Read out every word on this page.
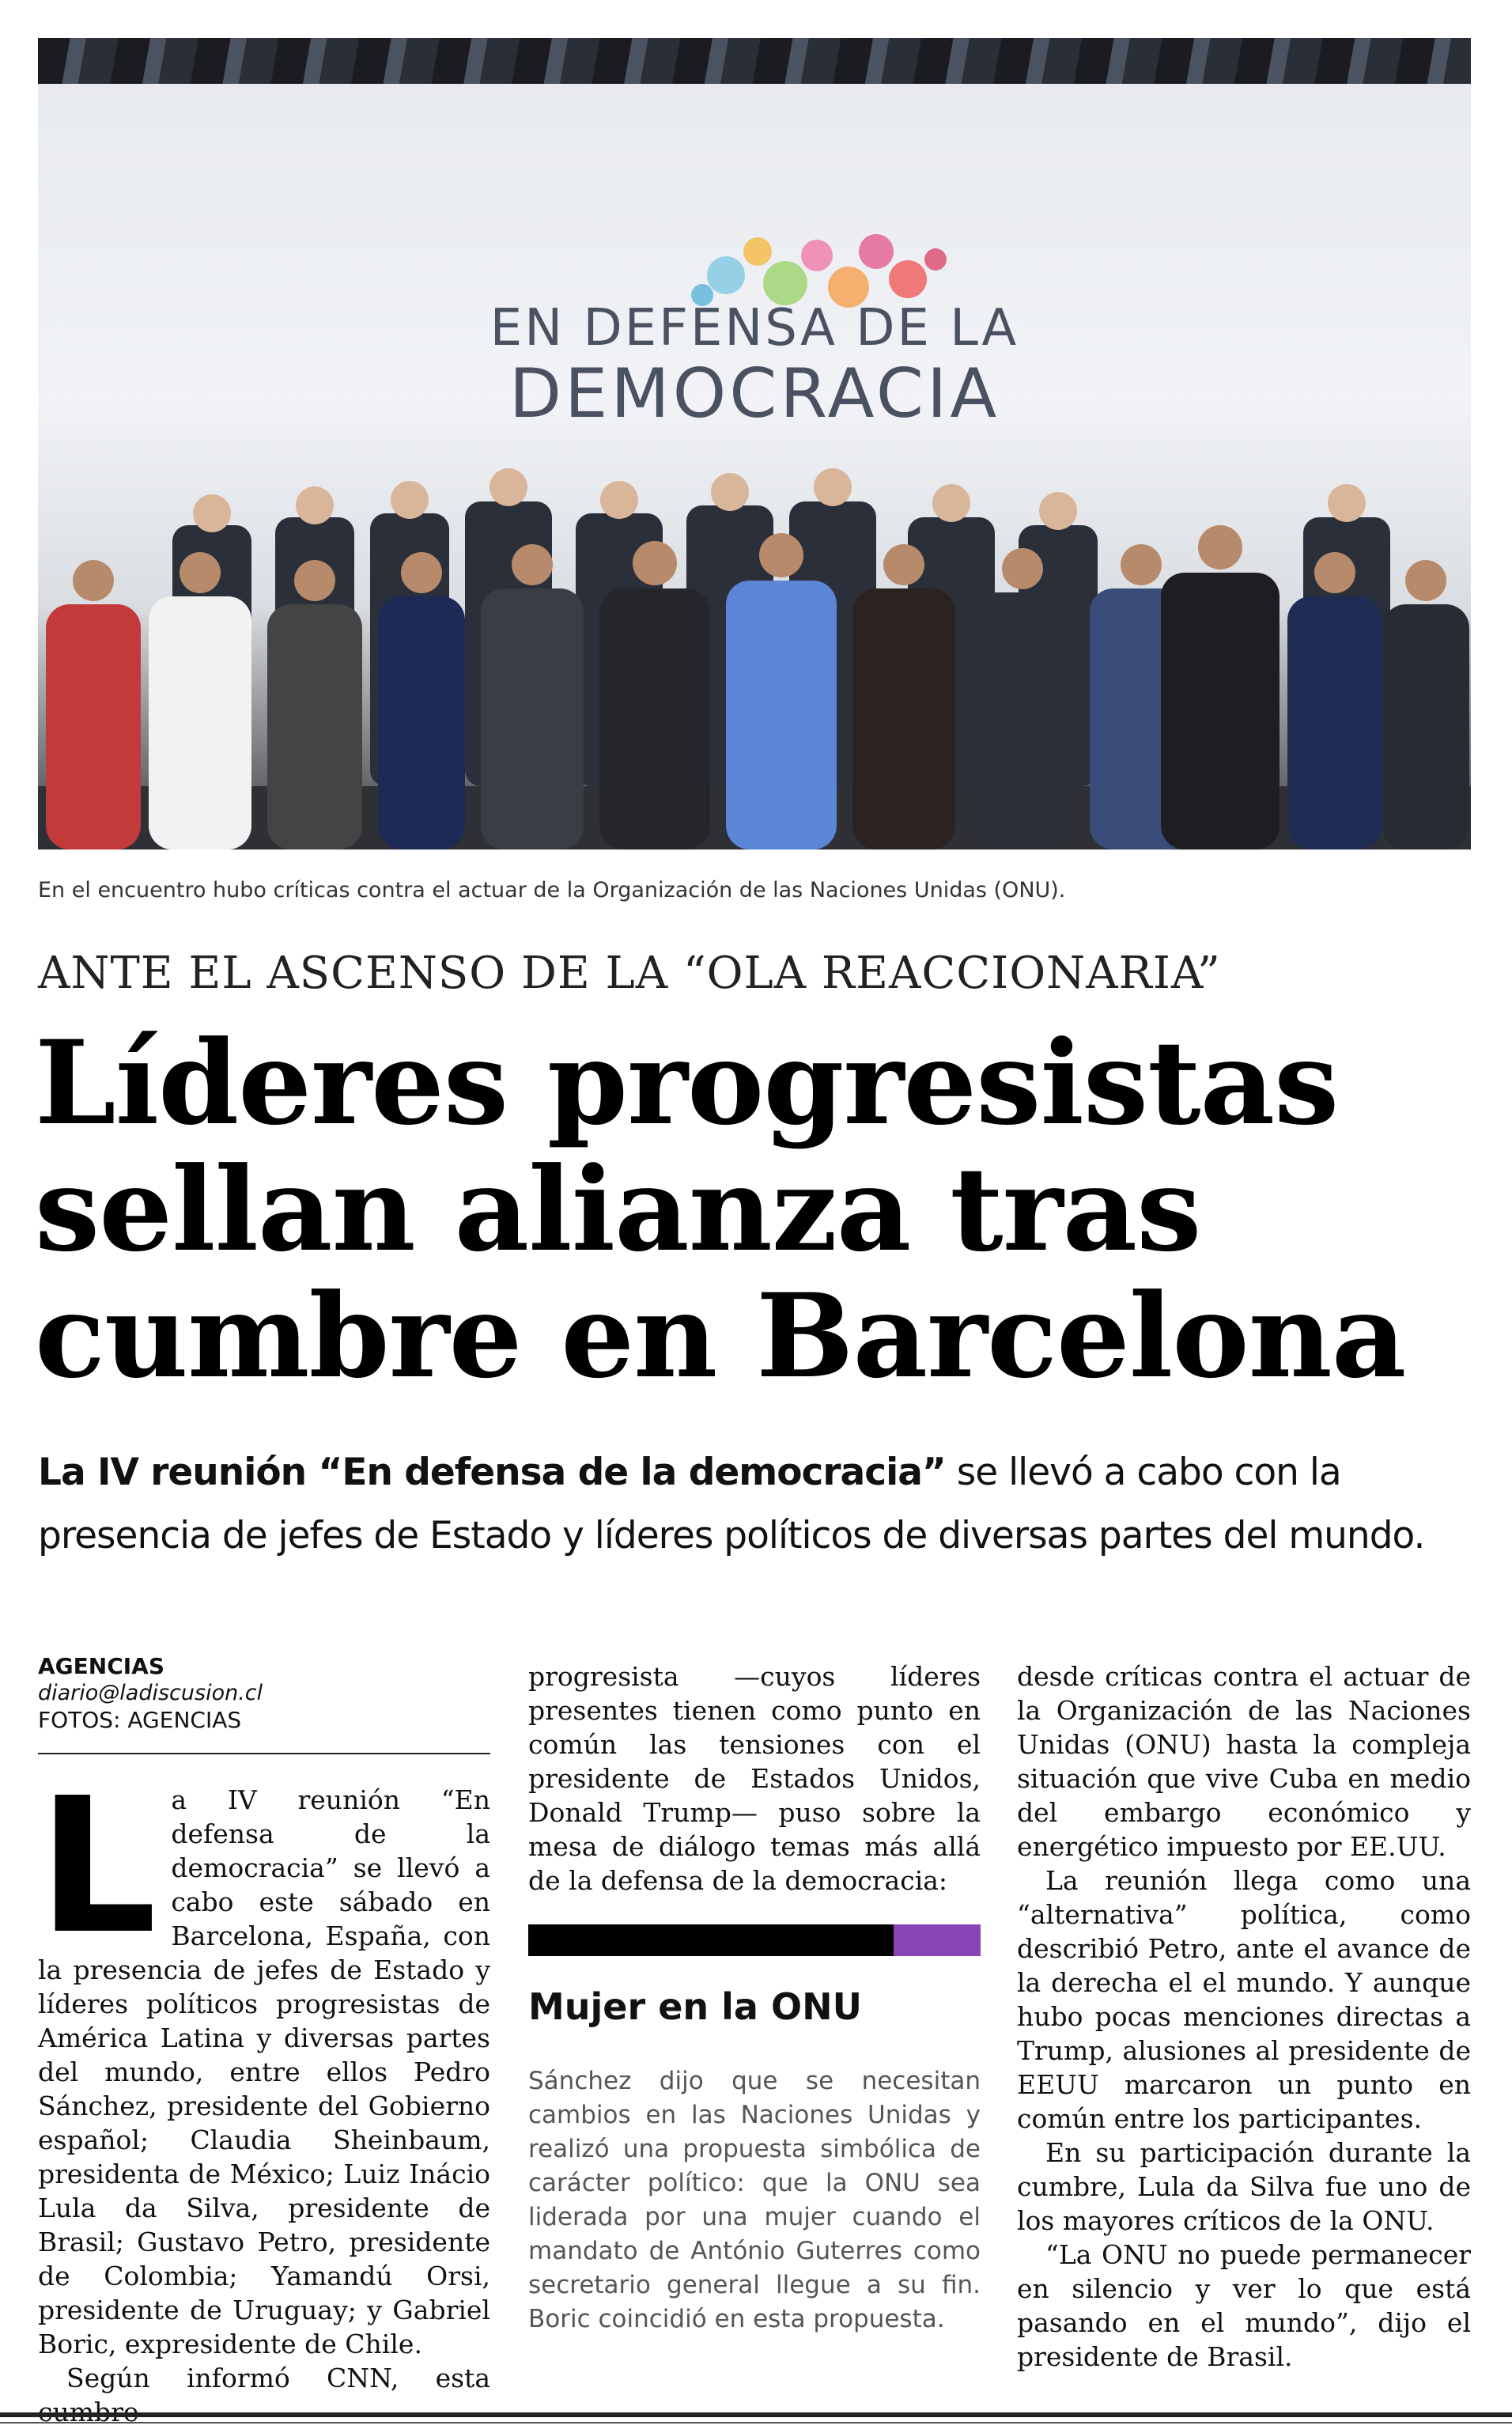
EN DEFENSA DE LA
DEMOCRACIA
En el encuentro hubo críticas contra el actuar de la Organización de las Naciones Unidas (ONU).
ANTE EL ASCENSO DE LA “OLA REACCIONARIA”
Líderes progresistas
sellan alianza tras
cumbre en Barcelona
La IV reunión “En defensa de la democracia” se llevó a cabo con la
presencia de jefes de Estado y líderes políticos de diversas partes del mundo.
AGENCIAS
diario@ladiscusion.cl
FOTOS: AGENCIAS

La IV reunión “En defensa de la democracia” se llevó a cabo este sábado en Barcelona, España, con la presencia de jefes de Estado y líderes políticos progresistas de América Latina y diversas partes del mundo, entre ellos Pedro Sánchez, presidente del Gobierno español; Claudia Sheinbaum, presidenta de México; Luiz Inácio Lula da Silva, presidente de Brasil; Gustavo Petro, presidente de Colombia; Yamandú Orsi, presidente de Uruguay; y Gabriel Boric, expresidente de Chile.

Según informó CNN, esta

progresista —cuyos líderes presentes tienen como punto en común las tensiones con el presidente de Estados Unidos, Donald Trump— puso sobre la mesa de diálogo temas más allá de la defensa de la democracia:

Mujer en la ONU
Sánchez dijo que se necesitan cambios en las Naciones Unidas y realizó una propuesta simbólica de carácter político: que la ONU sea liderada por una mujer cuando el mandato de António Guterres como secretario general llegue a su fin. Boric coincidió en esta propuesta.

desde críticas contra el actuar de la Organización de las Naciones Unidas (ONU) hasta la compleja situación que vive Cuba en medio del embargo económico y energético impuesto por EE.UU.

La reunión llega como una “alternativa” política, como describió Petro, ante el avance de la derecha el el mundo. Y aunque hubo pocas menciones directas a Trump, alusiones al presidente de EEUU marcaron un punto en común entre los participantes.

En su participación durante la cumbre, Lula da Silva fue uno de los mayores críticos de la ONU.

“La ONU no puede permanecer en silencio y ver lo que está pasando en el mundo”, dijo el presidente de Brasil.
